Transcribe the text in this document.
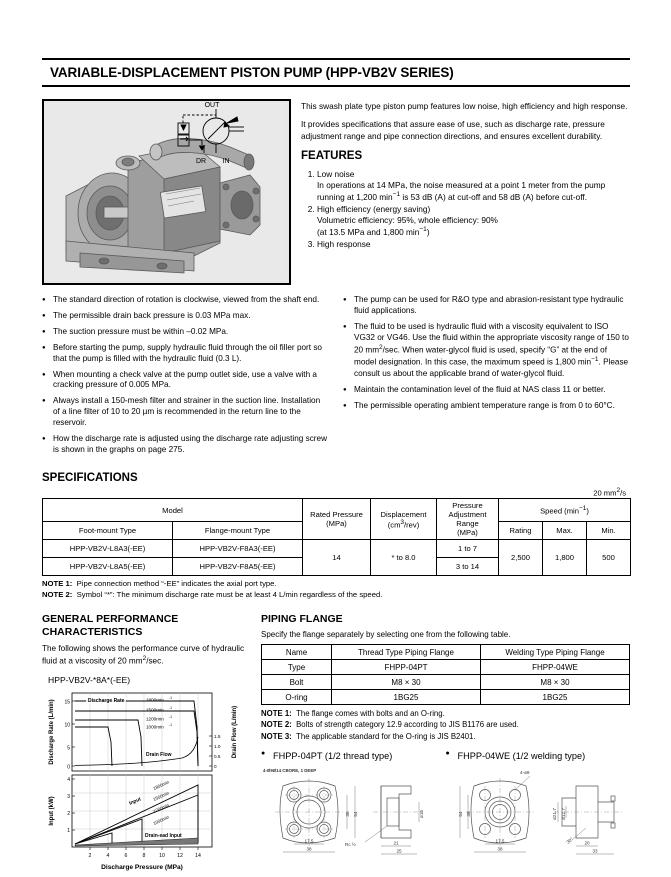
VARIABLE-DISPLACEMENT PISTON PUMP (HPP-VB2V SERIES)
OUT
IN
DR

This swash plate type piston pump features low noise, high efficiency and high response.

It provides specifications that assure ease of use, such as discharge rate, pressure adjustment range and pipe connection directions, and ensures excellent durability.

FEATURES
1. Low noise
In operations at 14 MPa, the noise measured at a point 1 meter from the pump running at 1,200 $\min^{-1}$ is 53 dB (A) at cut-off and 58 dB (A) before cut-off.
2. High efficiency (energy saving)
Volumetric efficiency: 95%, whole efficiency: 90%
(at 13.5 MPa and 1,800 $\min^{-1}$)
3. High response
● The standard direction of rotation is clockwise, viewed from the shaft end.
● The permissible drain back pressure is 0.03 MPa max.
● The suction pressure must be within –0.02 MPa.
● Before starting the pump, supply hydraulic fluid through the oil filler port so that the pump is filled with the hydraulic fluid (0.3 L).
● When mounting a check valve at the pump outlet side, use a valve with a cracking pressure of 0.005 MPa.
● Always install a 150-mesh filter and strainer in the suction line. Installation of a line filter of 10 to 20 µm is recommended in the return line to the reservoir.
● How the discharge rate is adjusted using the discharge rate adjusting screw is shown in the graphs on page 275.
● The pump can be used for R&O type and abrasion-resistant type hydraulic fluid applications.
● The fluid to be used is hydraulic fluid with a viscosity equivalent to ISO VG32 or VG46. Use the fluid within the appropriate viscosity range of 150 to 20 $mm^2/\sec$. When water-glycol fluid is used, specify “G” at the end of model designation. In this case, the maximum speed is 1,800 $\min^{-1}$. Please consult us about the applicable brand of water-glycol fluid.
● Maintain the contamination level of the fluid at NAS class 11 or better.
● The permissible operating ambient temperature range is from 0 to 60°C.
SPECIFICATIONS
20 $mm^2/s$
Model		Rated Pressure
(MPa)	Displacement
$(cm^3/rev)$	Pressure
Adjustment
Range
(MPa)	Speed $(\min^{-1})$		
Foot‐mount Type	Flange‐mount Type				Rating	Max.	Min.
HPP‐VB2V‐L8A3(‐EE)	HPP‐VB2V‐F8A3(‐EE)	14	* to 8.0	1 to 7	2,500	1,800	500
HPP‐VB2V‐L8A5(‐EE)	HPP‐VB2V‐F8A5(‐EE)			3 to 14			
NOTE 1: Pipe connection method “-EE” indicates the axial port type.
NOTE 2: Symbol “*”: The minimum discharge rate must be at least 4 L/min regardless of the speed.
GENERAL PERFORMANCE
CHARACTERISTICS

The following shows the performance curve of hydraulic fluid at a viscosity of 20 $mm^2/\sec$.

HPP-VB2V-*8A*(-EE)
15
10
5
0
1.5
1.0
0.5
0
Discharge Rate	1800min -1
1500min -1
1200min -1
1000min -1
Drain Flow
Discharge Rate (L/min)	Drain Flow (L/min)
4
3
2
1
2	4	6	8	10 12 14
Input
1800min
1500min
1200min
1000min
Drain-ead Input
Input (kW)
Discharge Pressure (MPa)
PIPING FLANGE

Specify the flange separately by selecting one from the following table.

Name	Thread Type Piping Flange	Welding Type Piping Flange
Type	FHPP‐04PT	FHPP‐04WE
Bolt	M8 × 30	M8 × 30
O‐ring	1BG25	1BG25
NOTE 1: The flange comes with bolts and an O-ring.
NOTE 2: Bolts of strength category 12.9 according to JIS B1176 are used.
NOTE 3: The applicable standard for the O-ring is JIS B2401.
● FHPP-04PT (1/2 thread type)	● FHPP-04WE (1/2 welding type)
4-Ø9Ø14 CBORE, 1 DEEP
17.5
38
38 54
Rc ½	21
25
ø16
4-ø9
17.5
38
38
54	ø21.7 ø12.7
30° 20
33
